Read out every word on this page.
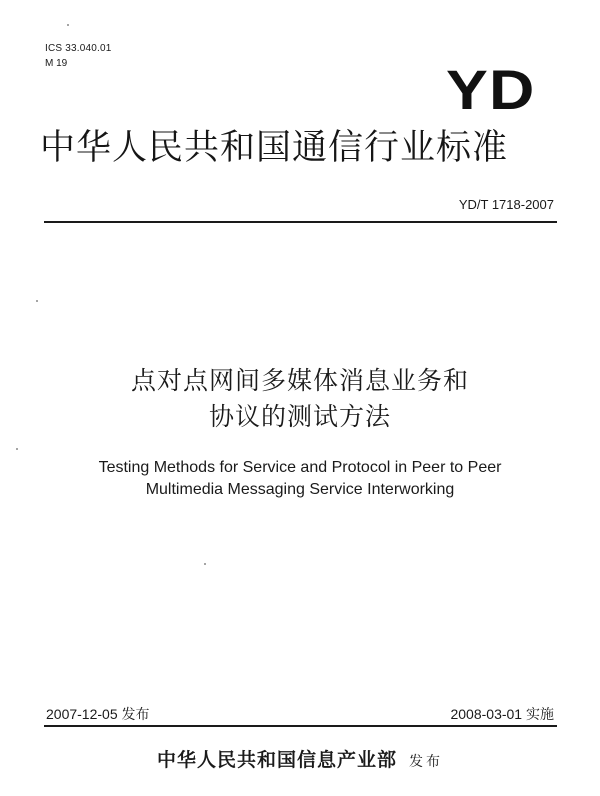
ICS 33.040.01
M 19	YD
中华人民共和国通信行业标准
YD/T 1718-2007
点对点网间多媒体消息业务和
协议的测试方法
Testing Methods for Service and Protocol in Peer to Peer
Multimedia Messaging Service Interworking
2007-12-05 发布	2008-03-01 实施
中华人民共和国信息产业部 发布
